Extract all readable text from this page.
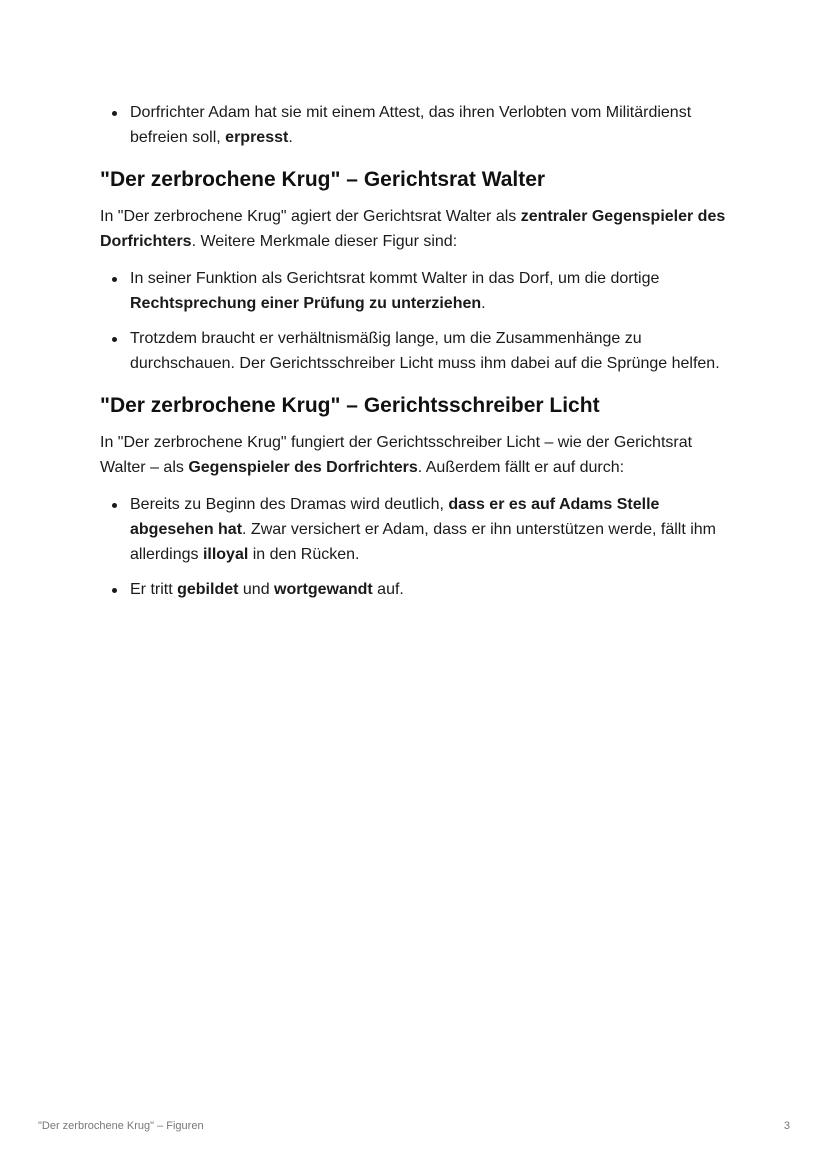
Dorfrichter Adam hat sie mit einem Attest, das ihren Verlobten vom Militärdienst befreien soll, erpresst.
"Der zerbrochene Krug" – Gerichtsrat Walter

In "Der zerbrochene Krug" agiert der Gerichtsrat Walter als zentraler Gegenspieler des Dorfrichters. Weitere Merkmale dieser Figur sind:

In seiner Funktion als Gerichtsrat kommt Walter in das Dorf, um die dortige Rechtsprechung einer Prüfung zu unterziehen.
Trotzdem braucht er verhältnismäßig lange, um die Zusammenhänge zu durchschauen. Der Gerichtsschreiber Licht muss ihm dabei auf die Sprünge helfen.
"Der zerbrochene Krug" – Gerichtsschreiber Licht

In "Der zerbrochene Krug" fungiert der Gerichtsschreiber Licht – wie der Gerichtsrat Walter – als Gegenspieler des Dorfrichters. Außerdem fällt er auf durch:

Bereits zu Beginn des Dramas wird deutlich, dass er es auf Adams Stelle abgesehen hat. Zwar versichert er Adam, dass er ihn unterstützen werde, fällt ihm allerdings illoyal in den Rücken.
Er tritt gebildet und wortgewandt auf.
"Der zerbrochene Krug" – Figuren	3
